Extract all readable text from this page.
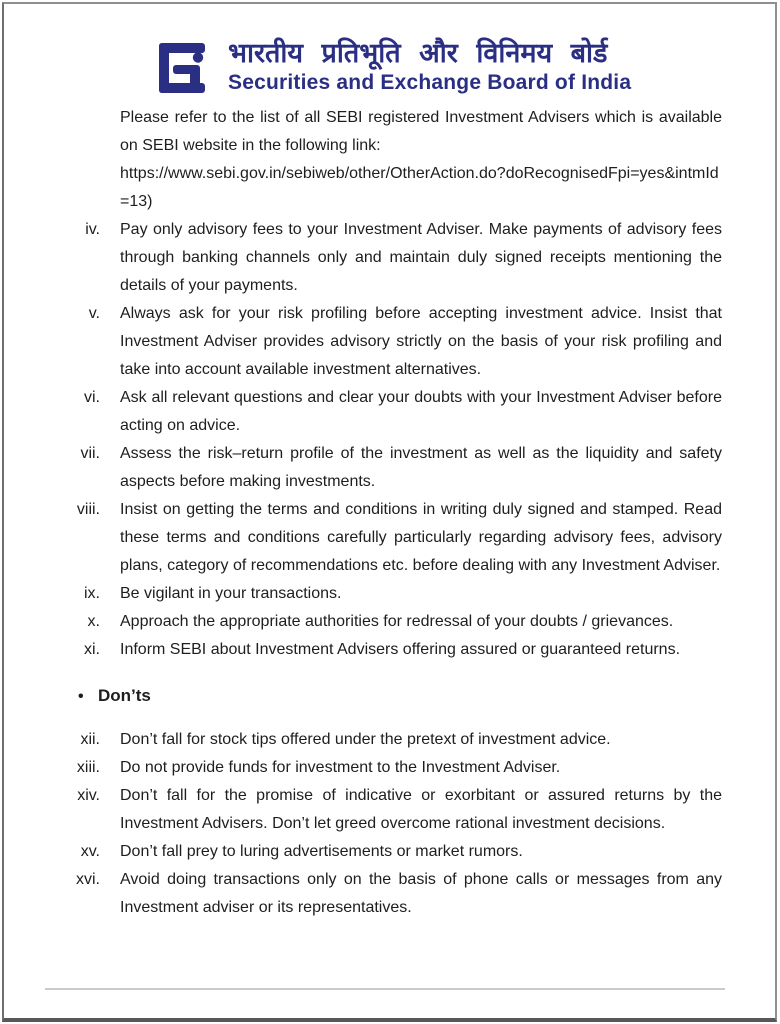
भारतीय प्रतिभूति और विनिमय बोर्ड
Securities and Exchange Board of India

Please refer to the list of all SEBI registered Investment Advisers which is available on SEBI website in the following link:

https://www.sebi.gov.in/sebiweb/other/OtherAction.do?doRecognisedFpi=yes&intmId=13)

iv. Pay only advisory fees to your Investment Adviser. Make payments of advisory fees through banking channels only and maintain duly signed receipts mentioning the details of your payments.
v. Always ask for your risk profiling before accepting investment advice. Insist that Investment Adviser provides advisory strictly on the basis of your risk profiling and take into account available investment alternatives.
vi. Ask all relevant questions and clear your doubts with your Investment Adviser before acting on advice.
vii. Assess the risk–return profile of the investment as well as the liquidity and safety aspects before making investments.
viii. Insist on getting the terms and conditions in writing duly signed and stamped. Read these terms and conditions carefully particularly regarding advisory fees, advisory plans, category of recommendations etc. before dealing with any Investment Adviser.
ix. Be vigilant in your transactions.
x. Approach the appropriate authorities for redressal of your doubts / grievances.
xi. Inform SEBI about Investment Advisers offering assured or guaranteed returns.
• Don’ts
xii. Don’t fall for stock tips offered under the pretext of investment advice.
xiii. Do not provide funds for investment to the Investment Adviser.
xiv. Don’t fall for the promise of indicative or exorbitant or assured returns by the Investment Advisers. Don’t let greed overcome rational investment decisions.
xv. Don’t fall prey to luring advertisements or market rumors.
xvi. Avoid doing transactions only on the basis of phone calls or messages from any Investment adviser or its representatives.
